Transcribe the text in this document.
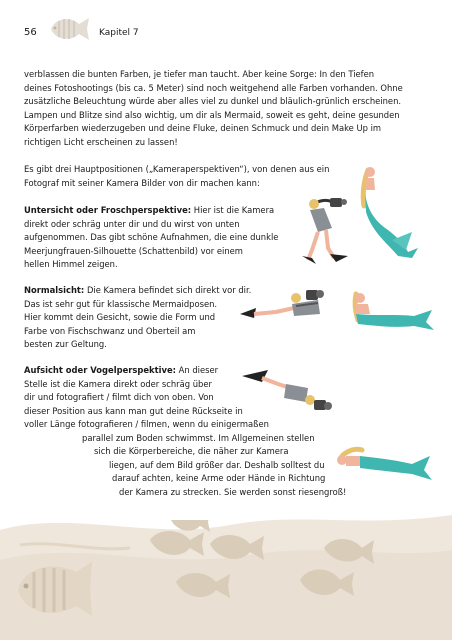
56	Kapitel 7

verblassen die bunten Farben, je tiefer man taucht. Aber keine Sorge: In den Tiefen
deines Fotoshootings (bis ca. 5 Meter) sind noch weitgehend alle Farben vorhanden. Ohne
zusätzliche Beleuchtung würde aber alles viel zu dunkel und bläulich-grünlich erscheinen.
Lampen und Blitze sind also wichtig, um dir als Mermaid, soweit es geht, deine gesunden
Körperfarben wiederzugeben und deine Fluke, deinen Schmuck und dein Make Up im
richtigen Licht erscheinen zu lassen!

Es gibt drei Hauptpositionen („Kameraperspektiven“), von denen aus ein
Fotograf mit seiner Kamera Bilder von dir machen kann:

Untersicht oder Froschperspektive: Hier ist die Kamera
direkt oder schräg unter dir und du wirst von unten
aufgenommen. Das gibt schöne Aufnahmen, die eine dunkle
Meerjungfrauen-Silhouette (Schattenbild) vor einem
hellen Himmel zeigen.

Normalsicht: Die Kamera befindet sich direkt vor dir.
Das ist sehr gut für klassische Mermaidposen.
Hier kommt dein Gesicht, sowie die Form und
Farbe von Fischschwanz und Oberteil am
besten zur Geltung.

Aufsicht oder Vogelperspektive: An dieser
Stelle ist die Kamera direkt oder schräg über
dir und fotografiert / filmt dich von oben. Von
dieser Position aus kann man gut deine Rückseite in
voller Länge fotografieren / filmen, wenn du einigermaßen
parallel zum Boden schwimmst. Im Allgemeinen stellen
sich die Körperbereiche, die näher zur Kamera
liegen, auf dem Bild größer dar. Deshalb solltest du
darauf achten, keine Arme oder Hände in Richtung
der Kamera zu strecken. Sie werden sonst riesengroß!
